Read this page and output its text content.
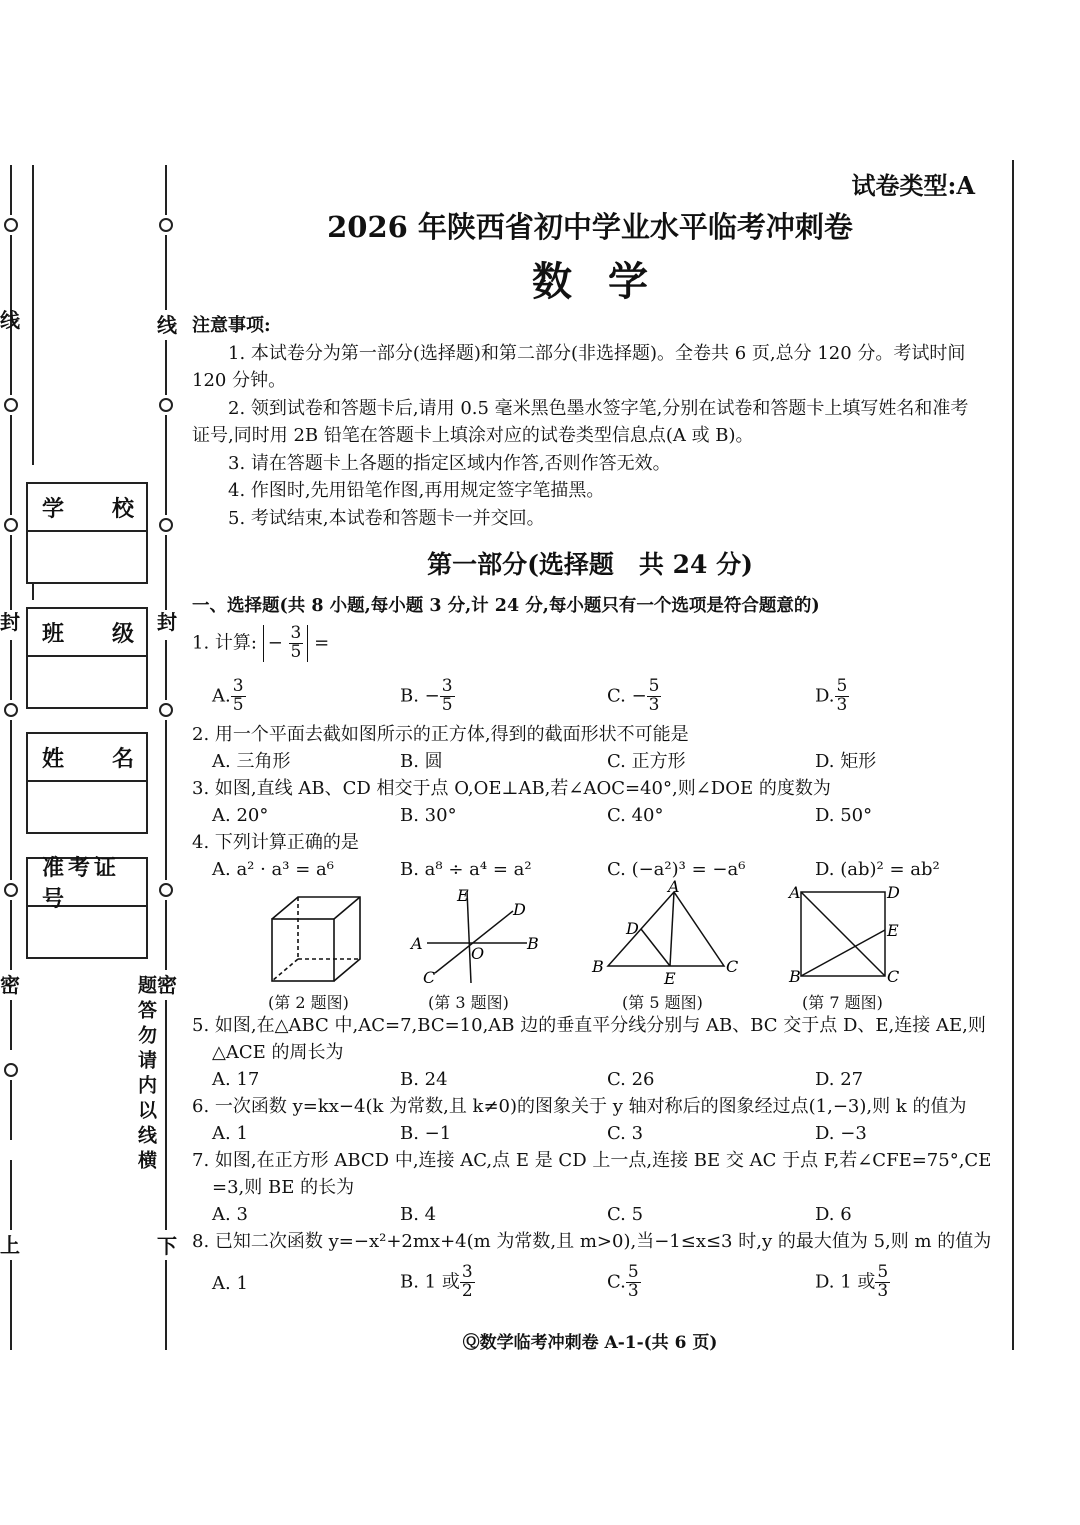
线
封
密
上
学 校
班 级
姓 名
准考证号
线
封
密
下
题答勿请内以线横
试卷类型:A
2026 年陕西省初中学业水平临考冲刺卷
数学
注意事项:

1. 本试卷分为第一部分(选择题)和第二部分(非选择题)。全卷共 6 页,总分 120 分。考试时间 120 分钟。

2. 领到试卷和答题卡后,请用 0.5 毫米黑色墨水签字笔,分别在试卷和答题卡上填写姓名和准考证号,同时用 2B 铅笔在答题卡上填涂对应的试卷类型信息点(A 或 B)。

3. 请在答题卡上各题的指定区域内作答,否则作答无效。

4. 作图时,先用铅笔作图,再用规定签字笔描黑。

5. 考试结束,本试卷和答题卡一并交回。

第一部分(选择题　共 24 分)
一、选择题(共 8 小题,每小题 3 分,计 24 分,每小题只有一个选项是符合题意的)
1. 计算: − $\frac{3}{5}$ =
A. $\frac{3}{5}$	B. − $\frac{3}{5}$	C. − $\frac{5}{3}$	D. $\frac{5}{3}$
2. 用一个平面去截如图所示的正方体,得到的截面形状不可能是
A. 三角形	B. 圆	C. 正方形	D. 矩形
3. 如图,直线 AB、CD 相交于点 O,OE⊥AB,若∠AOC=40°,则∠DOE 的度数为
A. 20°	B. 30°	C. 40°	D. 50°
4. 下列计算正确的是
A. a² · a³ = a⁶	B. a⁸ ÷ a⁴ = a²	C. (−a²)³ = −a⁶	D. (ab)² = ab²
(第 2 题图)
E
D
A	B
O
C
(第 3 题图)
A
D
B
E
C
(第 5 题图)
A	D
E
B	C
(第 7 题图)
5. 如图,在△ABC 中,AC=7,BC=10,AB 边的垂直平分线分别与 AB、BC 交于点 D、E,连接 AE,则
△ACE 的周长为
A. 17	B. 24	C. 26	D. 27
6. 一次函数 y=kx−4(k 为常数,且 k≠0)的图象关于 y 轴对称后的图象经过点(1,−3),则 k 的值为
A. 1	B. −1	C. 3	D. −3
7. 如图,在正方形 ABCD 中,连接 AC,点 E 是 CD 上一点,连接 BE 交 AC 于点 F,若∠CFE=75°,CE
=3,则 BE 的长为
A. 3	B. 4	C. 5	D. 6
8. 已知二次函数 y=−x²+2mx+4(m 为常数,且 m>0),当−1≤x≤3 时,y 的最大值为 5,则 m 的值为
A. 1	B. 1 或 $\frac{3}{2}$	C. $\frac{5}{3}$	D. 1 或 $\frac{5}{3}$
Ⓠ数学临考冲刺卷 A-1-(共 6 页)
